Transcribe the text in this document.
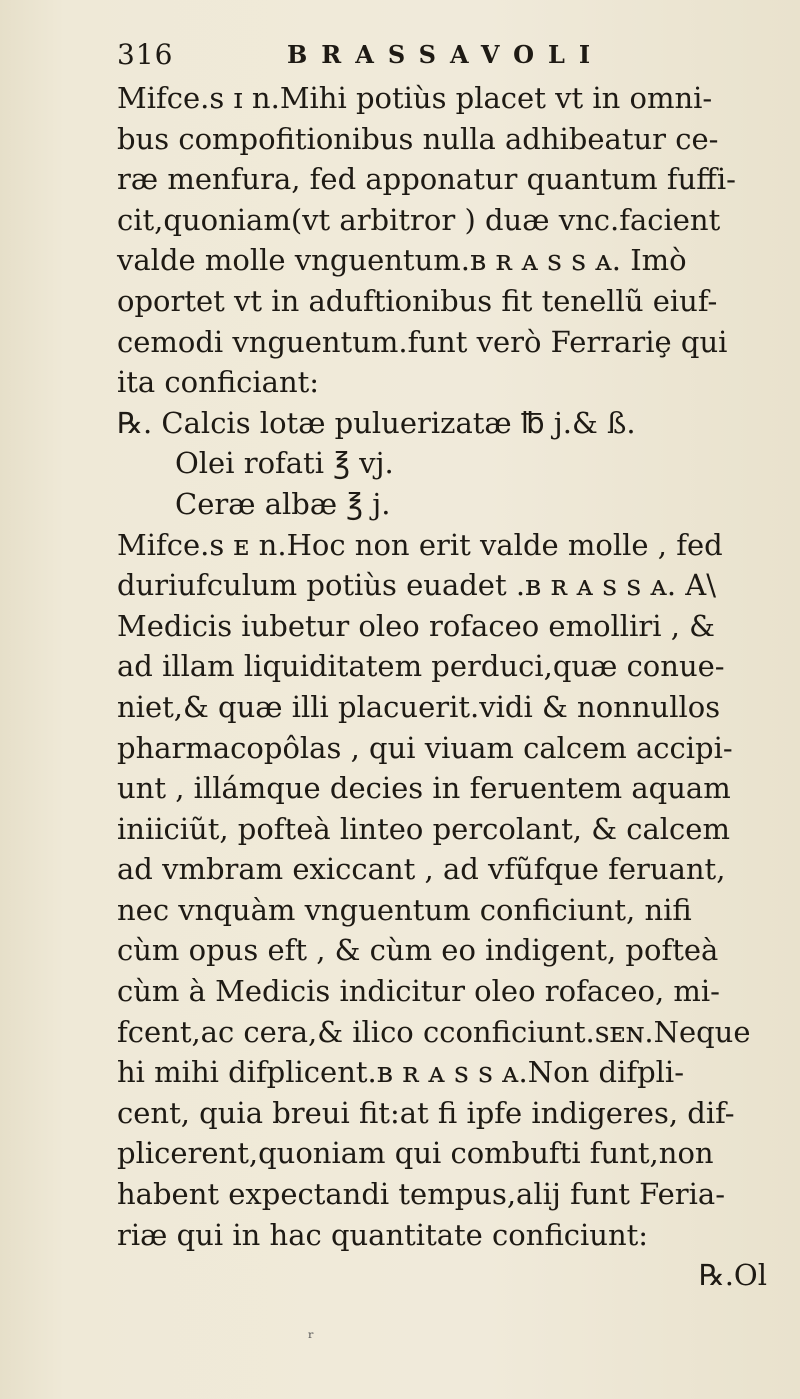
316	BRASSAVOLI
Mifce.s ɪ n.Mihi potiùs placet vt in omni-
bus compofitionibus nulla adhibeatur ce-
ræ menfura, fed apponatur quantum fuffi-
cit,quoniam(vt arbitror ) duæ vnc.facient
valde molle vnguentum.ʙ ʀ ᴀ s s ᴀ. Imò
oportet vt in aduftionibus fit tenellũ eiuf-
cemodi vnguentum.funt verò Ferrariȩ qui
ita conficiant:
℞. Calcis lotæ puluerizatæ ℔ j.& ß.
Olei rofati ℥ vj.
Ceræ albæ ℥ j.
Mifce.s ᴇ n.Hoc non erit valde molle , fed
duriufculum potiùs euadet .ʙ ʀ ᴀ s s ᴀ. A\
Medicis iubetur oleo rofaceo emolliri , &
ad illam liquiditatem perduci,quæ conue-
niet,& quæ illi placuerit.vidi & nonnullos
pharmacopôlas , qui viuam calcem accipi-
unt , illámque decies in feruentem aquam
iniiciũt, pofteà linteo percolant, & calcem
ad vmbram exiccant , ad vfũfque feruant,
nec vnquàm vnguentum conficiunt, nifi
cùm opus eft , & cùm eo indigent, pofteà
cùm à Medicis indicitur oleo rofaceo, mi-
fcent,ac cera,& ilico cconficiunt.sᴇɴ.Neque
hi mihi difplicent.ʙ ʀ ᴀ s s ᴀ.Non difpli-
cent, quia breui fit:at fi ipfe indigeres, dif-
plicerent,quoniam qui combufti funt,non
habent expectandi tempus,alij funt Feria-
riæ qui in hac quantitate conficiunt:
℞.Ol
ʳ
